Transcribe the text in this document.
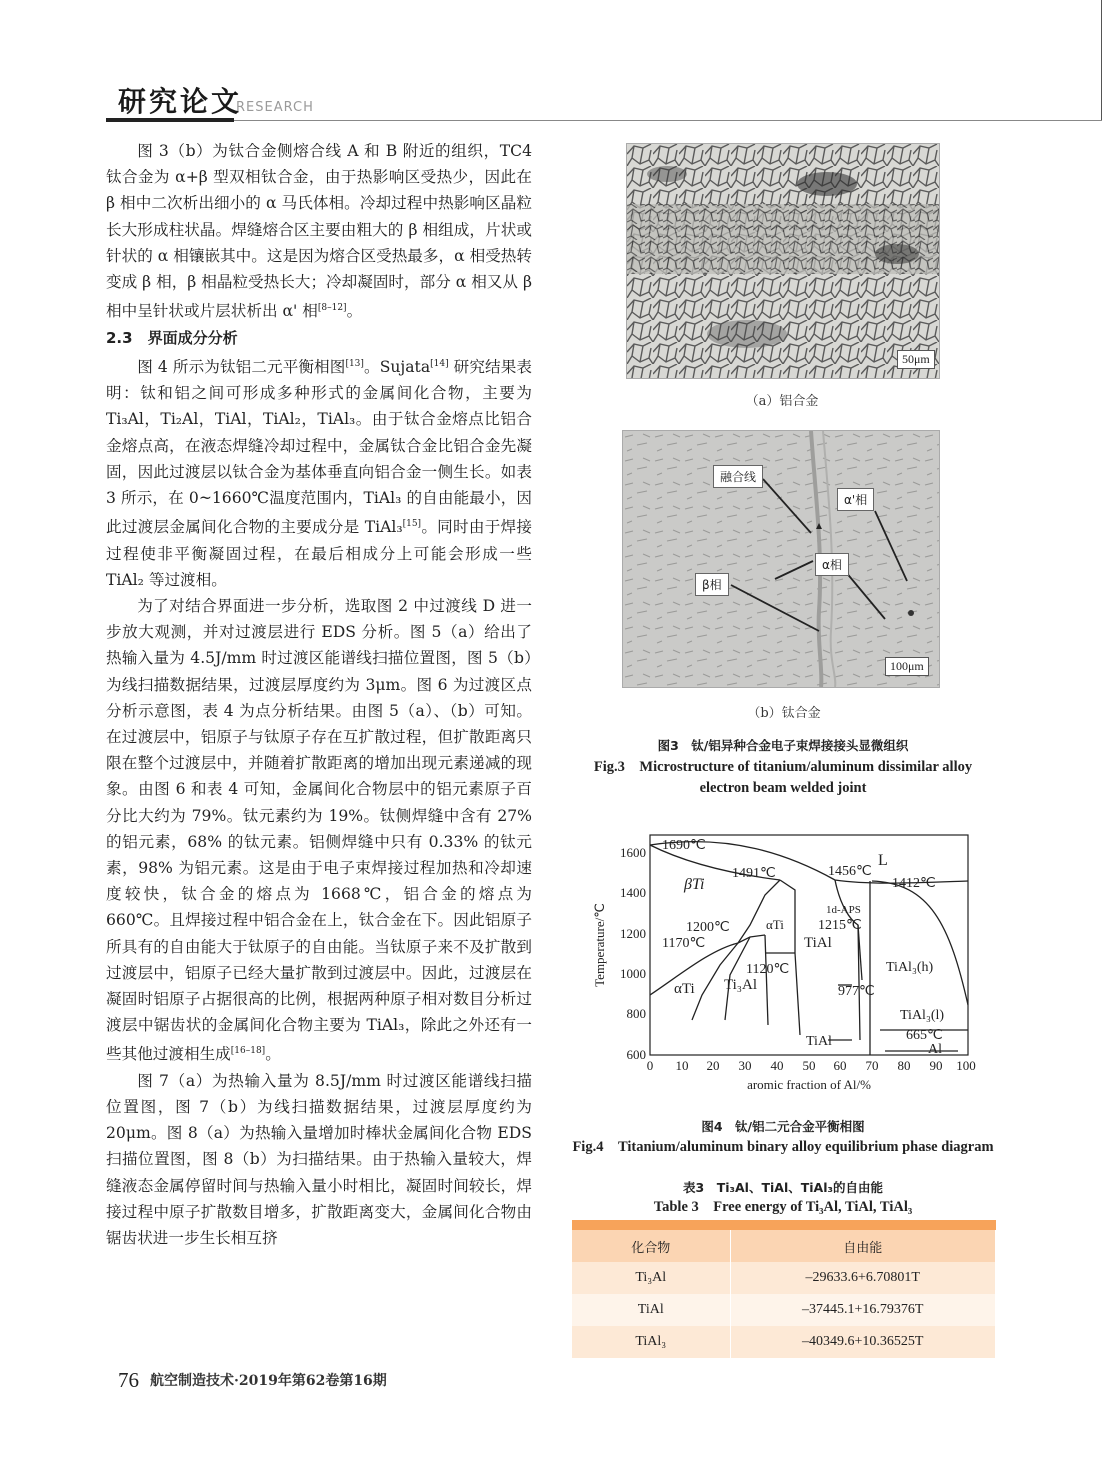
研究论文
RESEARCH

图 3（b）为钛合金侧熔合线 A 和 B 附近的组织，TC4 钛合金为 α+β 型双相钛合金，由于热影响区受热少，因此在 β 相中二次析出细小的 α 马氏体相。冷却过程中热影响区晶粒长大形成柱状晶。焊缝熔合区主要由粗大的 β 相组成，片状或针状的 α 相镶嵌其中。这是因为熔合区受热最多，α 相受热转变成 β 相，β 相晶粒受热长大；冷却凝固时，部分 α 相又从 β 相中呈针状或片层状析出 α' 相[8–12]。

2.3　界面成分分析

图 4 所示为钛铝二元平衡相图[13]。Sujata[14] 研究结果表明：钛和铝之间可形成多种形式的金属间化合物，主要为 Ti₃Al，Ti₂Al，TiAl，TiAl₂，TiAl₃。由于钛合金熔点比铝合金熔点高，在液态焊缝冷却过程中，金属钛合金比铝合金先凝固，因此过渡层以钛合金为基体垂直向铝合金一侧生长。如表 3 所示，在 0~1660℃温度范围内，TiAl₃ 的自由能最小，因此过渡层金属间化合物的主要成分是 TiAl₃[15]。同时由于焊接过程使非平衡凝固过程，在最后相成分上可能会形成一些 TiAl₂ 等过渡相。

为了对结合界面进一步分析，选取图 2 中过渡线 D 进一步放大观测，并对过渡层进行 EDS 分析。图 5（a）给出了热输入量为 4.5J/mm 时过渡区能谱线扫描位置图，图 5（b）为线扫描数据结果，过渡层厚度约为 3μm。图 6 为过渡区点分析示意图，表 4 为点分析结果。由图 5（a）、（b）可知。在过渡层中，铝原子与钛原子存在互扩散过程，但扩散距离只限在整个过渡层中，并随着扩散距离的增加出现元素递减的现象。由图 6 和表 4 可知，金属间化合物层中的铝元素原子百分比大约为 79%。钛元素约为 19%。钛侧焊缝中含有 27% 的铝元素，68% 的钛元素。铝侧焊缝中只有 0.33% 的钛元素，98% 为铝元素。这是由于电子束焊接过程加热和冷却速度较快，钛合金的熔点为 1668℃，铝合金的熔点为 660℃。且焊接过程中铝合金在上，钛合金在下。因此铝原子所具有的自由能大于钛原子的自由能。当钛原子来不及扩散到过渡层中，铝原子已经大量扩散到过渡层中。因此，过渡层在凝固时铝原子占据很高的比例，根据两种原子相对数目分析过渡层中锯齿状的金属间化合物主要为 TiAl₃，除此之外还有一些其他过渡相生成[16–18]。

图 7（a）为热输入量为 8.5J/mm 时过渡区能谱线扫描位置图，图 7（b）为线扫描数据结果，过渡层厚度约为 20μm。图 8（a）为热输入量增加时棒状金属间化合物 EDS 扫描位置图，图 8（b）为扫描结果。由于热输入量较大，焊缝液态金属停留时间与热输入量小时相比，凝固时间较长，焊接过程中原子扩散数目增多，扩散距离变大，金属间化合物由锯齿状进一步生长相互挤

50μm
（a）铝合金
融合线
α'相
α相
β相
100μm
（b）钛合金
图3　钛/铝异种合金电子束焊接接头显微组织
Fig.3　Microstructure of titanium/aluminum dissimilar alloy
electron beam welded joint
1600
1400
1200
1000
800
600
0 10 20 30 40 50 60 70 80 90 100
aromic fraction of Al/%
Temperature/℃
1690℃
1491℃	1456℃
L
1412℃
βTi
1200℃
1170℃
αTi
1d-APS
1215℃
TiAl
1120℃	TiAl₃(h)
αTi Ti₃Al	977℃
TiAl₃(l)
665℃
TiAl
Al
图4　钛/铝二元合金平衡相图
Fig.4　Titanium/aluminum binary alloy equilibrium phase diagram
表3　Ti₃Al、TiAl、TiAl₃的自由能
Table 3　Free energy of Ti₃Al, TiAl, TiAl₃

化合物	自由能
Ti₃Al	–29633.6+6.70801T
TiAl	–37445.1+16.79376T
TiAl₃	–40349.6+10.36525T
76 航空制造技术·2019年第62卷第16期
